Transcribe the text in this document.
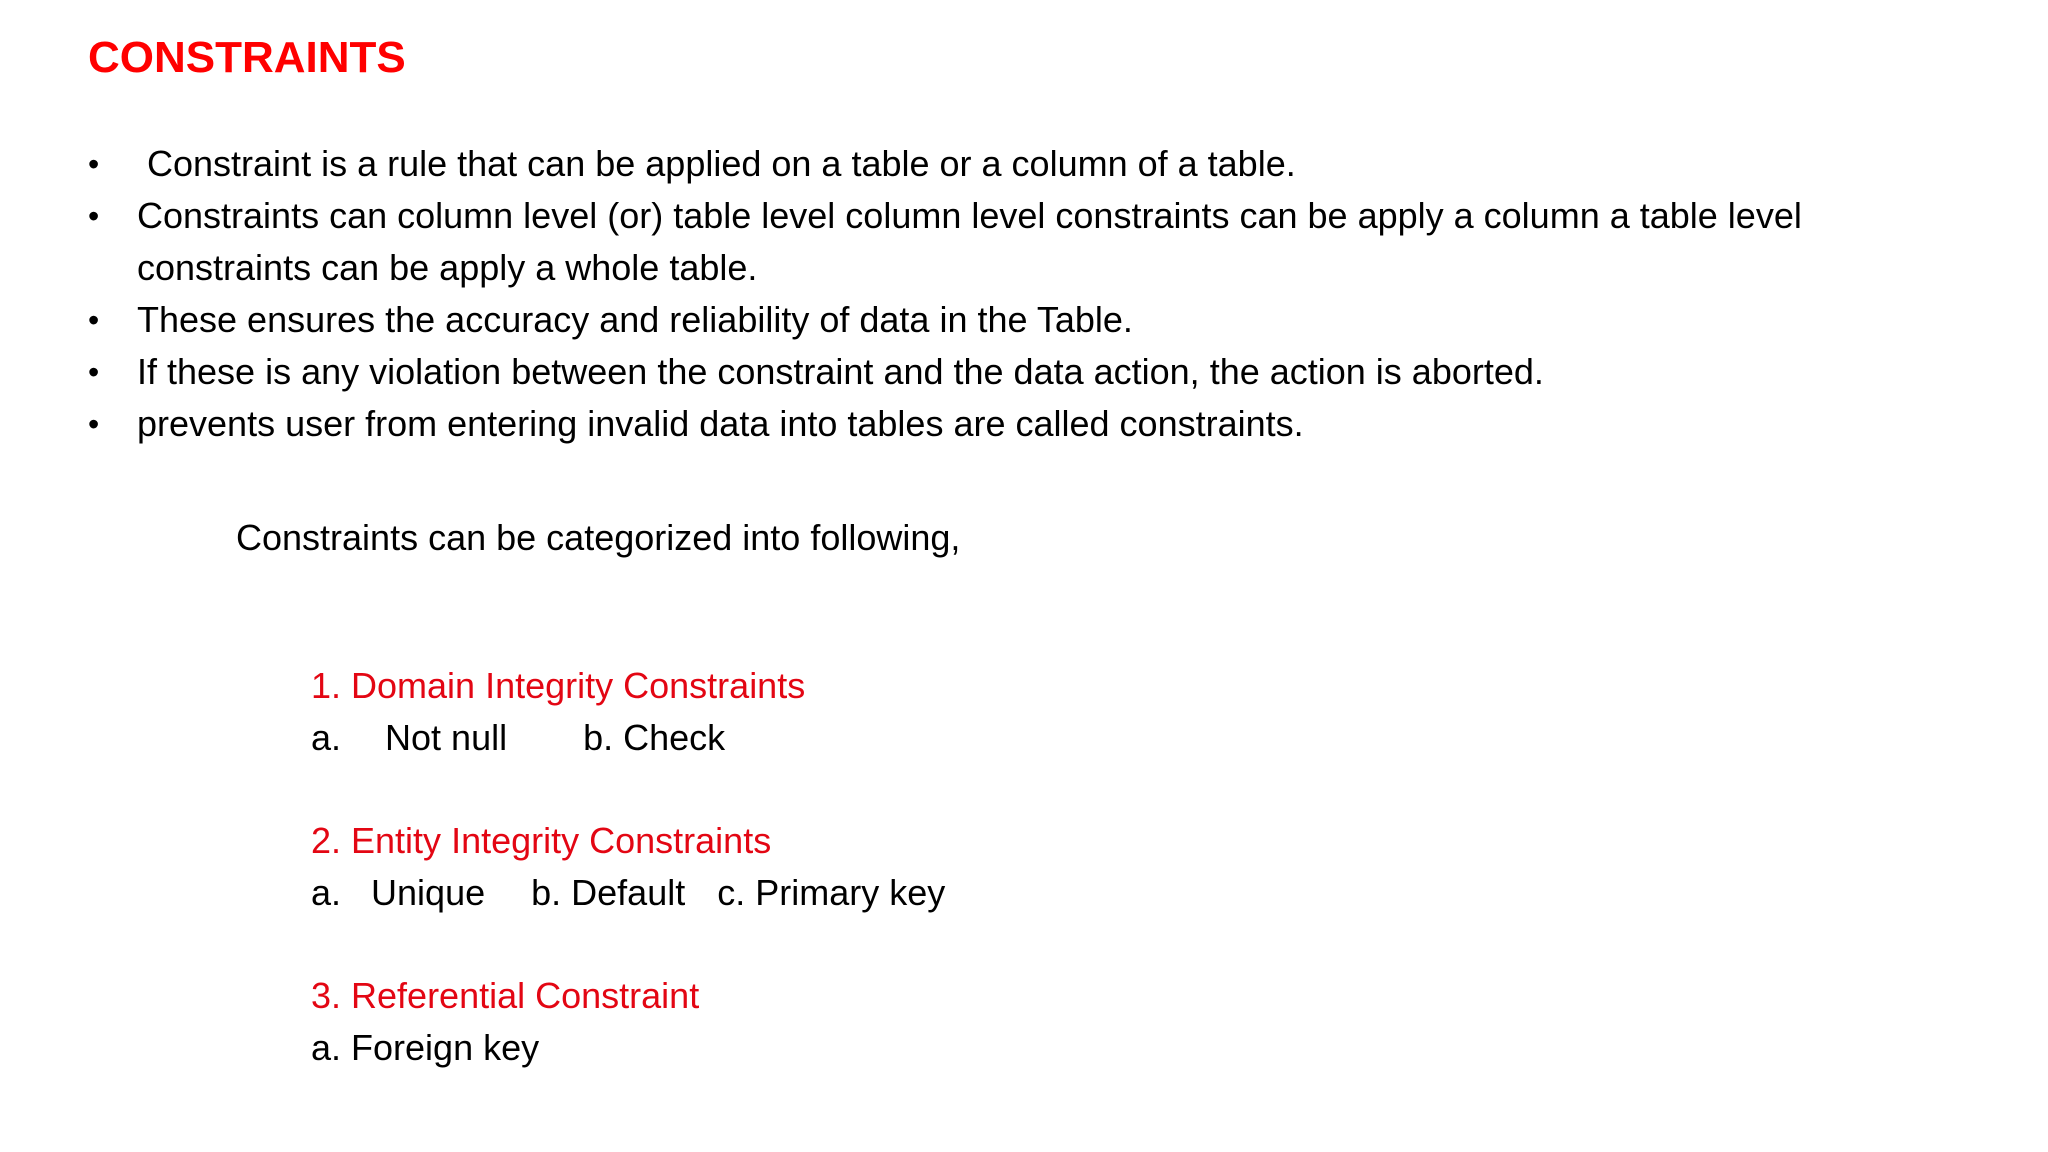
CONSTRAINTS
•	Constraint is a rule that can be applied on a table or a column of a table.
•	Constraints can column level (or) table level column level constraints can be apply a column a table level constraints can be apply a whole table.
•	These ensures the accuracy and reliability of data in the Table.
•	If these is any violation between the constraint and the data action, the action is aborted.
•	prevents user from entering invalid data into tables are called constraints.
Constraints can be categorized into following,
1. Domain Integrity Constraints
a. Not null b. Check
2. Entity Integrity Constraints
a. Unique b. Default c. Primary key
3. Referential Constraint
a. Foreign key
